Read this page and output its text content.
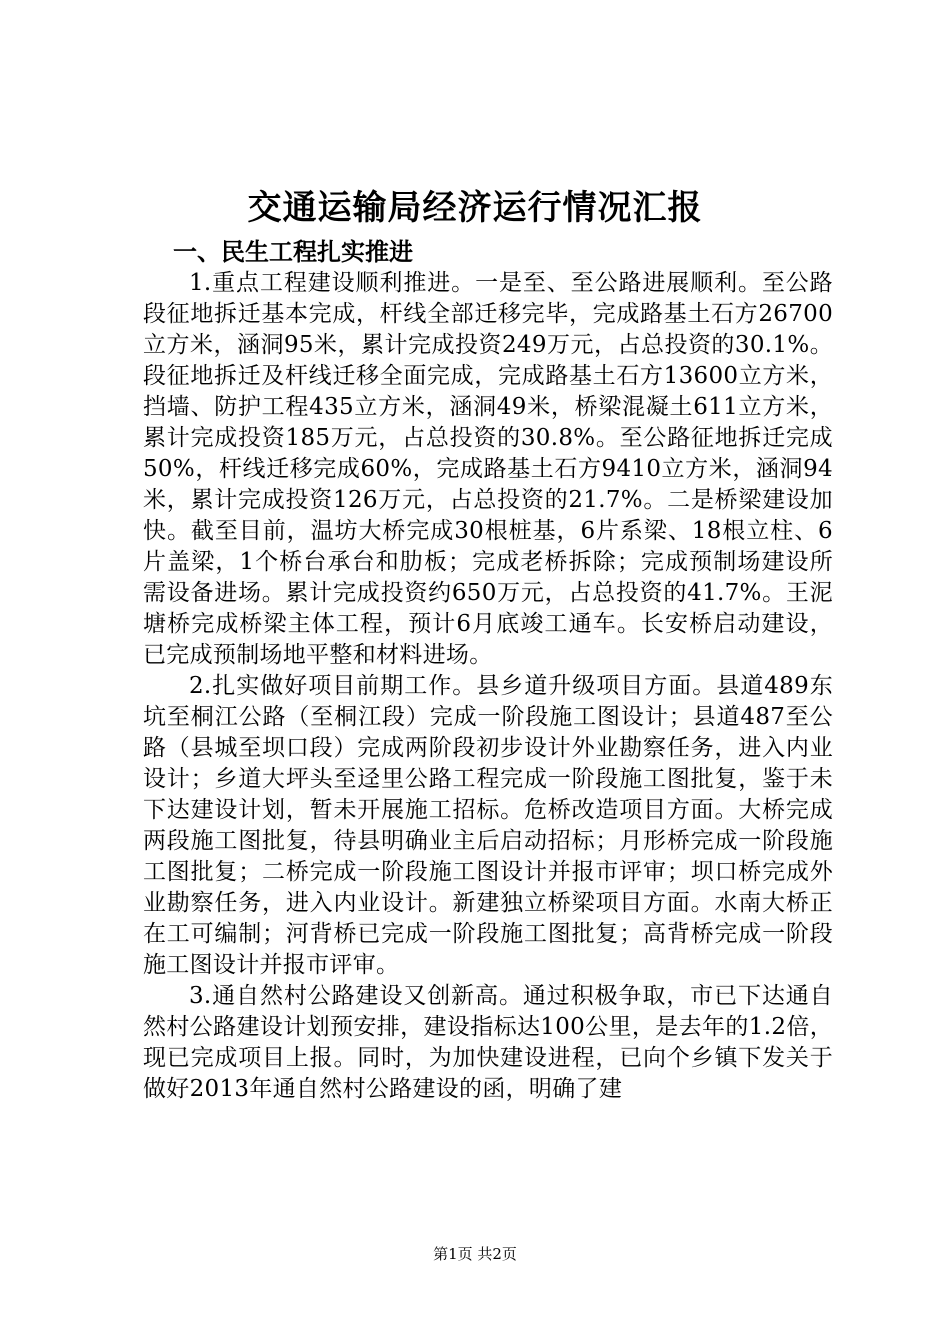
交通运输局经济运行情况汇报

一、民生工程扎实推进

1.重点工程建设顺利推进。一是至、至公路进展顺利。至公路段征地拆迁基本完成，杆线全部迁移完毕，完成路基土石方26700立方米，涵洞95米，累计完成投资249万元，占总投资的30.1%。段征地拆迁及杆线迁移全面完成，完成路基土石方13600立方米，挡墙、防护工程435立方米，涵洞49米，桥梁混凝土611立方米，累计完成投资185万元，占总投资的30.8%。至公路征地拆迁完成50%，杆线迁移完成60%，完成路基土石方9410立方米，涵洞94米，累计完成投资126万元，占总投资的21.7%。二是桥梁建设加快。截至目前，温坊大桥完成30根桩基，6片系梁、18根立柱、6片盖梁，1个桥台承台和肋板；完成老桥拆除；完成预制场建设所需设备进场。累计完成投资约650万元，占总投资的41.7%。王泥塘桥完成桥梁主体工程，预计6月底竣工通车。长安桥启动建设，已完成预制场地平整和材料进场。

2.扎实做好项目前期工作。县乡道升级项目方面。县道489东坑至桐江公路（至桐江段）完成一阶段施工图设计；县道487至公路（县城至坝口段）完成两阶段初步设计外业勘察任务，进入内业设计；乡道大坪头至迳里公路工程完成一阶段施工图批复，鉴于未下达建设计划，暂未开展施工招标。危桥改造项目方面。大桥完成两段施工图批复，待县明确业主后启动招标；月形桥完成一阶段施工图批复；二桥完成一阶段施工图设计并报市评审；坝口桥完成外业勘察任务，进入内业设计。新建独立桥梁项目方面。水南大桥正在工可编制；河背桥已完成一阶段施工图批复；高背桥完成一阶段施工图设计并报市评审。

3.通自然村公路建设又创新高。通过积极争取，市已下达通自然村公路建设计划预安排，建设指标达100公里，是去年的1.2倍，现已完成项目上报。同时，为加快建设进程，已向个乡镇下发关于做好2013年通自然村公路建设的函，明确了建

第1页 共2页
